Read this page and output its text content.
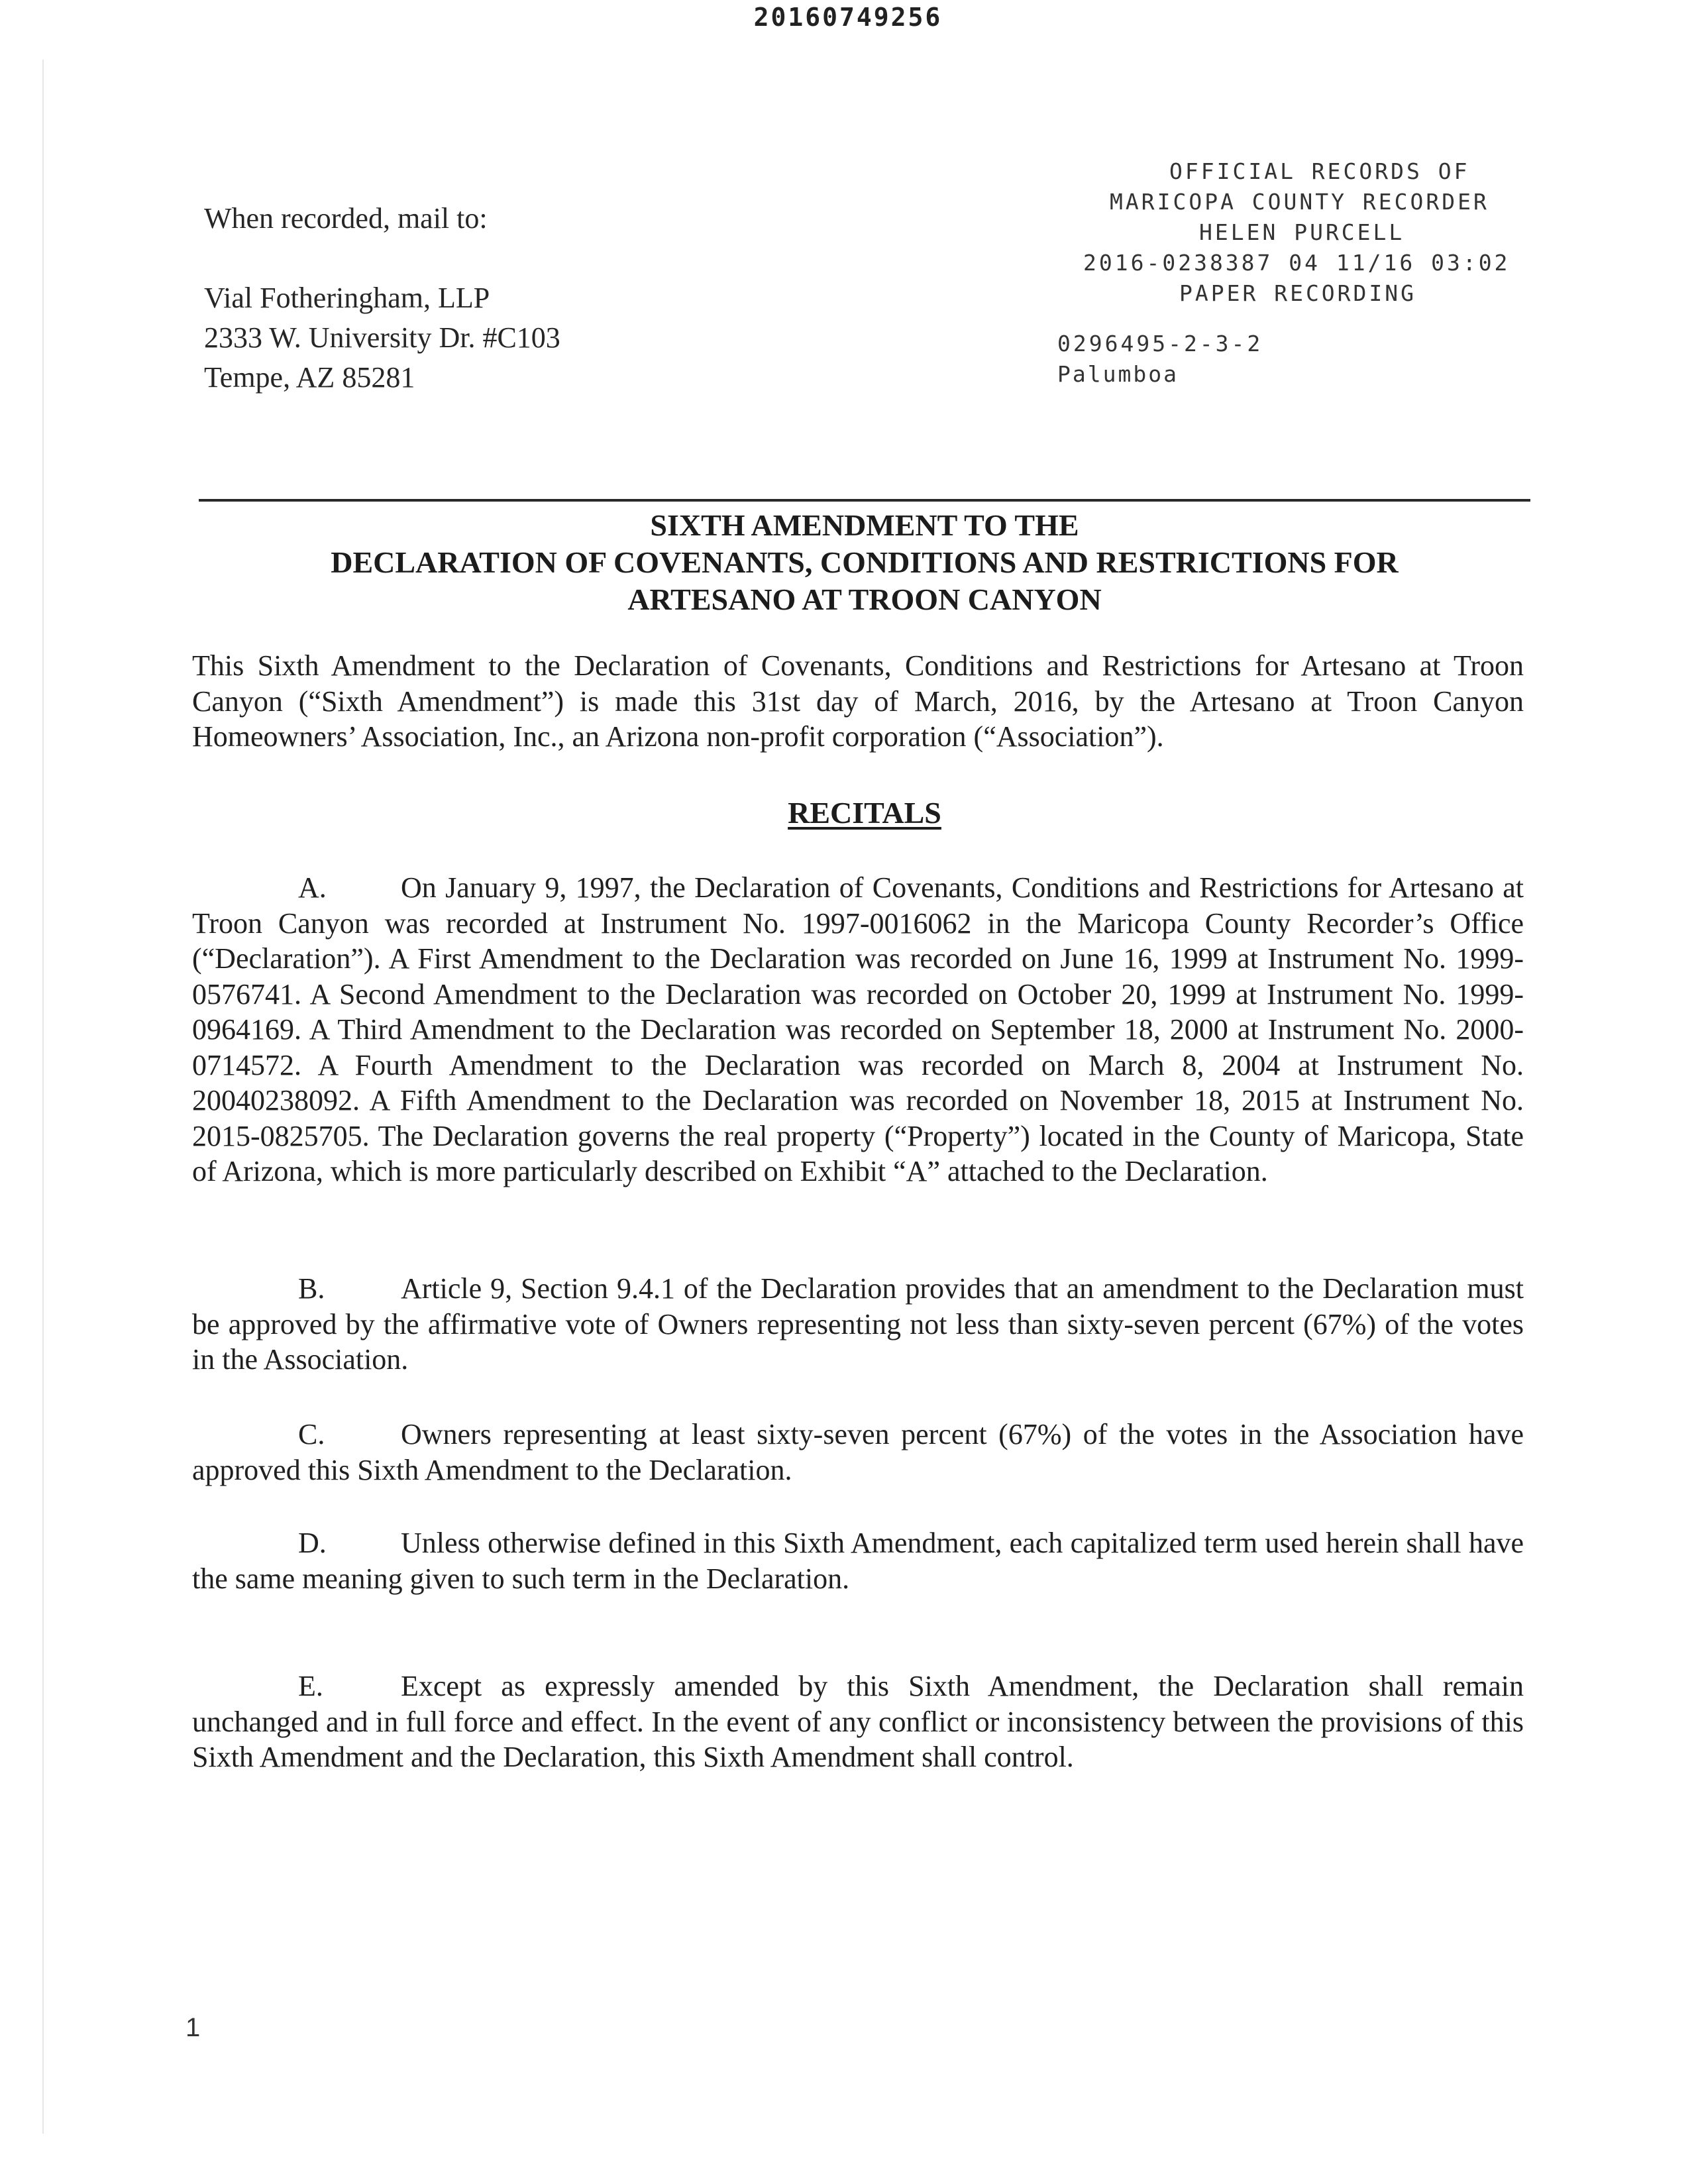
20160749256
When recorded, mail to:
Vial Fotheringham, LLP
2333 W. University Dr. #C103
Tempe, AZ 85281
OFFICIAL RECORDS OF
MARICOPA COUNTY RECORDER
HELEN PURCELL
2016-0238387 04 11/16 03:02
PAPER RECORDING
0296495-2-3-2
Palumboa
SIXTH AMENDMENT TO THE
DECLARATION OF COVENANTS, CONDITIONS AND RESTRICTIONS FOR
ARTESANO AT TROON CANYON
This Sixth Amendment to the Declaration of Covenants, Conditions and Restrictions for Artesano at Troon Canyon (“Sixth Amendment”) is made this 31st day of March, 2016, by the Artesano at Troon Canyon Homeowners’ Association, Inc., an Arizona non-profit corporation (“Association”).
RECITALS
A.	On January 9, 1997, the Declaration of Covenants, Conditions and Restrictions for Artesano at Troon Canyon was recorded at Instrument No. 1997-0016062 in the Maricopa County Recorder’s Office (“Declaration”). A First Amendment to the Declaration was recorded on June 16, 1999 at Instrument No. 1999-0576741. A Second Amendment to the Declaration was recorded on October 20, 1999 at Instrument No. 1999-0964169. A Third Amendment to the Declaration was recorded on September 18, 2000 at Instrument No. 2000-0714572. A Fourth Amendment to the Declaration was recorded on March 8, 2004 at Instrument No. 20040238092. A Fifth Amendment to the Declaration was recorded on November 18, 2015 at Instrument No. 2015-0825705. The Declaration governs the real property (“Property”) located in the County of Maricopa, State of Arizona, which is more particularly described on Exhibit “A” attached to the Declaration.
B.	Article 9, Section 9.4.1 of the Declaration provides that an amendment to the Declaration must be approved by the affirmative vote of Owners representing not less than sixty-seven percent (67%) of the votes in the Association.
C.	Owners representing at least sixty-seven percent (67%) of the votes in the Association have approved this Sixth Amendment to the Declaration.
D.	Unless otherwise defined in this Sixth Amendment, each capitalized term used herein shall have the same meaning given to such term in the Declaration.
E.	Except as expressly amended by this Sixth Amendment, the Declaration shall remain unchanged and in full force and effect. In the event of any conflict or inconsistency between the provisions of this Sixth Amendment and the Declaration, this Sixth Amendment shall control.
1
